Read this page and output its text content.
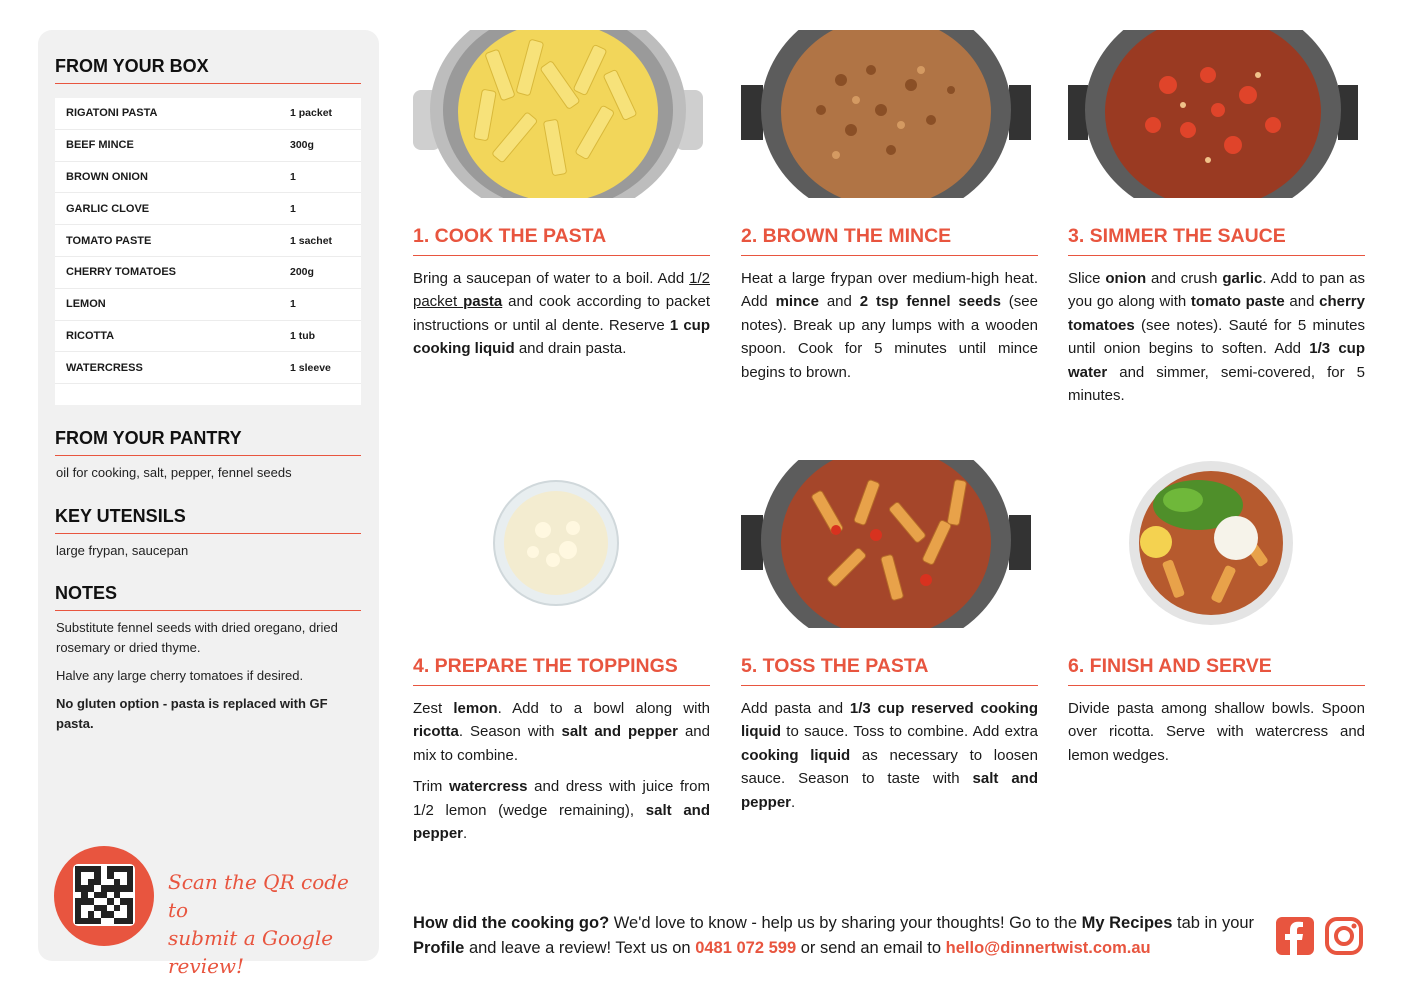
FROM YOUR BOX
RIGATONI PASTA	1 packet
BEEF MINCE	300g
BROWN ONION	1
GARLIC CLOVE	1
TOMATO PASTE	1 sachet
CHERRY TOMATOES	200g
LEMON	1
RICOTTA	1 tub
WATERCRESS	1 sleeve
FROM YOUR PANTRY
oil for cooking, salt, pepper, fennel seeds
KEY UTENSILS
large frypan, saucepan
NOTES

Substitute fennel seeds with dried oregano, dried rosemary or dried thyme.

Halve any large cherry tomatoes if desired.

No gluten option - pasta is replaced with GF pasta.

Scan the QR code to
submit a Google review!
1. COOK THE PASTA

Bring a saucepan of water to a boil. Add 1/2 packet pasta and cook according to packet instructions or until al dente. Reserve 1 cup cooking liquid and drain pasta.

2. BROWN THE MINCE

Heat a large frypan over medium-high heat. Add mince and 2 tsp fennel seeds (see notes). Break up any lumps with a wooden spoon. Cook for 5 minutes until mince begins to brown.

3. SIMMER THE SAUCE

Slice onion and crush garlic. Add to pan as you go along with tomato paste and cherry tomatoes (see notes). Sauté for 5 minutes until onion begins to soften. Add 1/3 cup water and simmer, semi-covered, for 5 minutes.

4. PREPARE THE TOPPINGS

Zest lemon. Add to a bowl along with ricotta. Season with salt and pepper and mix to combine.

Trim watercress and dress with juice from 1/2 lemon (wedge remaining), salt and pepper.

5. TOSS THE PASTA

Add pasta and 1/3 cup reserved cooking liquid to sauce. Toss to combine. Add extra cooking liquid as necessary to loosen sauce. Season to taste with salt and pepper.

6. FINISH AND SERVE

Divide pasta among shallow bowls. Spoon over ricotta. Serve with watercress and lemon wedges.

How did the cooking go? We'd love to know - help us by sharing your thoughts! Go to the My Recipes tab in your Profile and leave a review! Text us on 0481 072 599 or send an email to hello@dinnertwist.com.au
